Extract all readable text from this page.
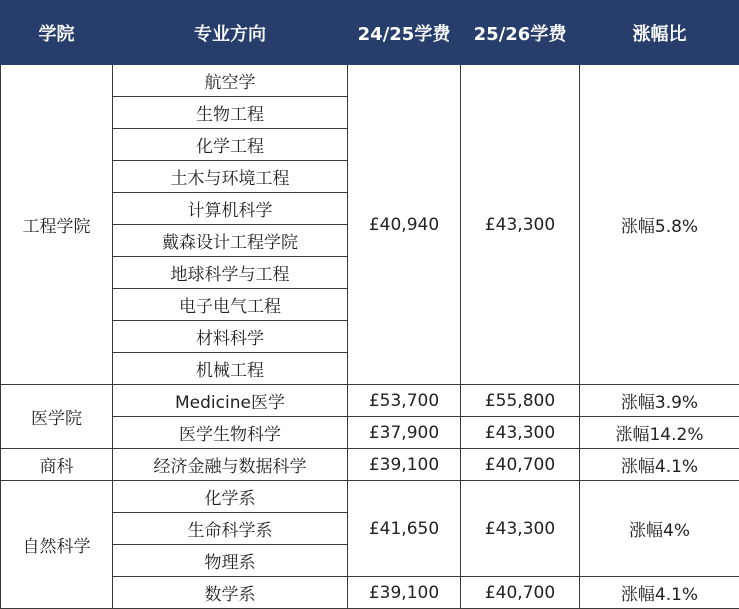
学院	专业方向	24/25学费	25/26学费	涨幅比
工程学院	航空学	£40,940	£43,300	涨幅5.8%
	生物工程			
	化学工程			
	土木与环境工程			
	计算机科学			
	戴森设计工程学院			
	地球科学与工程			
	电子电气工程			
	材料科学			
	机械工程			
医学院	Medicine医学	£53,700	£55,800	涨幅3.9%
	医学生物科学	£37,900	£43,300	涨幅14.2%
商科	经济金融与数据科学	£39,100	£40,700	涨幅4.1%
自然科学	化学系	£41,650	£43,300	涨幅4%
	生命科学系			
	物理系			
	数学系	£39,100	£40,700	涨幅4.1%
